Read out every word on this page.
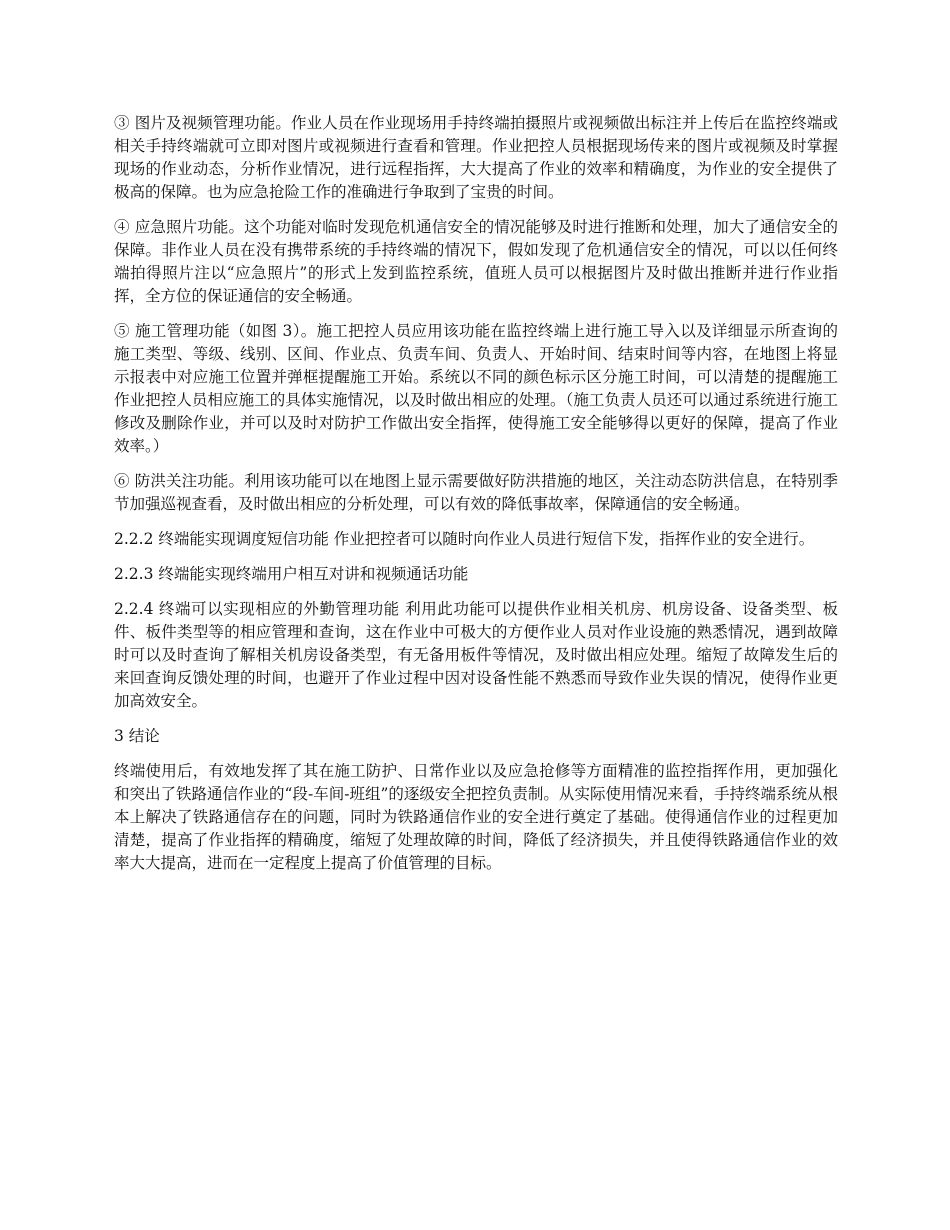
③ 图片及视频管理功能。作业人员在作业现场用手持终端拍摄照片或视频做出标注并上传后在监控终端或相关手持终端就可立即对图片或视频进行查看和管理。作业把控人员根据现场传来的图片或视频及时掌握现场的作业动态，分析作业情况，进行远程指挥，大大提高了作业的效率和精确度，为作业的安全提供了极高的保障。也为应急抢险工作的准确进行争取到了宝贵的时间。

④ 应急照片功能。这个功能对临时发现危机通信安全的情况能够及时进行推断和处理，加大了通信安全的保障。非作业人员在没有携带系统的手持终端的情况下，假如发现了危机通信安全的情况，可以以任何终端拍得照片注以“应急照片”的形式上发到监控系统，值班人员可以根据图片及时做出推断并进行作业指挥，全方位的保证通信的安全畅通。

⑤ 施工管理功能（如图 3）。施工把控人员应用该功能在监控终端上进行施工导入以及详细显示所查询的施工类型、等级、线别、区间、作业点、负责车间、负责人、开始时间、结束时间等内容，在地图上将显示报表中对应施工位置并弹框提醒施工开始。系统以不同的颜色标示区分施工时间，可以清楚的提醒施工作业把控人员相应施工的具体实施情况，以及时做出相应的处理。（施工负责人员还可以通过系统进行施工修改及删除作业，并可以及时对防护工作做出安全指挥，使得施工安全能够得以更好的保障，提高了作业效率。）

⑥ 防洪关注功能。利用该功能可以在地图上显示需要做好防洪措施的地区，关注动态防洪信息，在特别季节加强巡视查看，及时做出相应的分析处理，可以有效的降低事故率，保障通信的安全畅通。

2.2.2 终端能实现调度短信功能 作业把控者可以随时向作业人员进行短信下发，指挥作业的安全进行。

2.2.3 终端能实现终端用户相互对讲和视频通话功能

2.2.4 终端可以实现相应的外勤管理功能 利用此功能可以提供作业相关机房、机房设备、设备类型、板件、板件类型等的相应管理和查询，这在作业中可极大的方便作业人员对作业设施的熟悉情况，遇到故障时可以及时查询了解相关机房设备类型，有无备用板件等情况，及时做出相应处理。缩短了故障发生后的来回查询反馈处理的时间，也避开了作业过程中因对设备性能不熟悉而导致作业失误的情况，使得作业更加高效安全。

3 结论

终端使用后，有效地发挥了其在施工防护、日常作业以及应急抢修等方面精准的监控指挥作用，更加强化和突出了铁路通信作业的“段-车间-班组”的逐级安全把控负责制。从实际使用情况来看，手持终端系统从根本上解决了铁路通信存在的问题，同时为铁路通信作业的安全进行奠定了基础。使得通信作业的过程更加清楚，提高了作业指挥的精确度，缩短了处理故障的时间，降低了经济损失，并且使得铁路通信作业的效率大大提高，进而在一定程度上提高了价值管理的目标。
